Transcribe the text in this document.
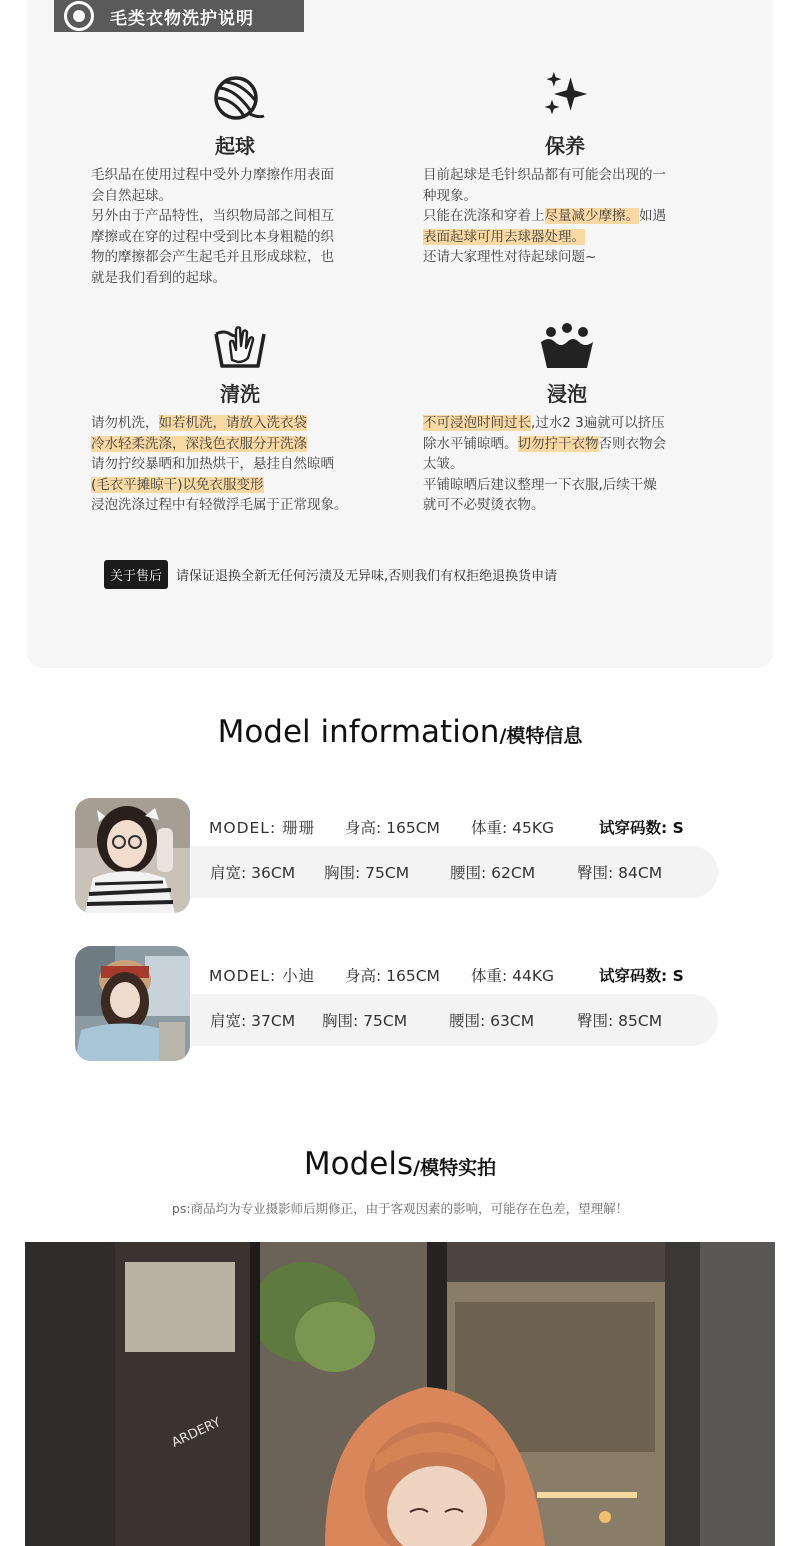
毛类衣物洗护说明
起球

毛织品在使用过程中受外力摩擦作用表面

会自然起球。

另外由于产品特性，当织物局部之间相互

摩擦或在穿的过程中受到比本身粗糙的织

物的摩擦都会产生起毛并且形成球粒，也

就是我们看到的起球。

保养

目前起球是毛针织品都有可能会出现的一

种现象。

只能在洗涤和穿着上尽量减少摩擦。如遇

表面起球可用去球器处理。

还请大家理性对待起球问题~

清洗

请勿机洗，如若机洗，请放入洗衣袋

冷水轻柔洗涤，深浅色衣服分开洗涤

请勿拧绞暴晒和加热烘干，悬挂自然晾晒

(毛衣平摊晾干)以免衣服变形

浸泡洗涤过程中有轻微浮毛属于正常现象。

浸泡

不可浸泡时间过长,过水2 3遍就可以挤压

除水平铺晾晒。切勿拧干衣物否则衣物会

太皱。

平铺晾晒后建议整理一下衣服,后续干燥

就可不必熨烫衣物。

关于售后	请保证退换全新无任何污渍及无异味,否则我们有权拒绝退换货申请
Model information/模特信息
MODEL: 珊珊	身高: 165CM	体重: 45KG	试穿码数: S
肩宽: 36CM	胸围: 75CM	腰围: 62CM	臀围: 84CM
MODEL: 小迪	身高: 165CM	体重: 44KG	试穿码数: S
肩宽: 37CM	胸围: 75CM	腰围: 63CM	臀围: 85CM
Models/模特实拍
ps:商品均为专业摄影师后期修正，由于客观因素的影响，可能存在色差，望理解！
ARDERY
